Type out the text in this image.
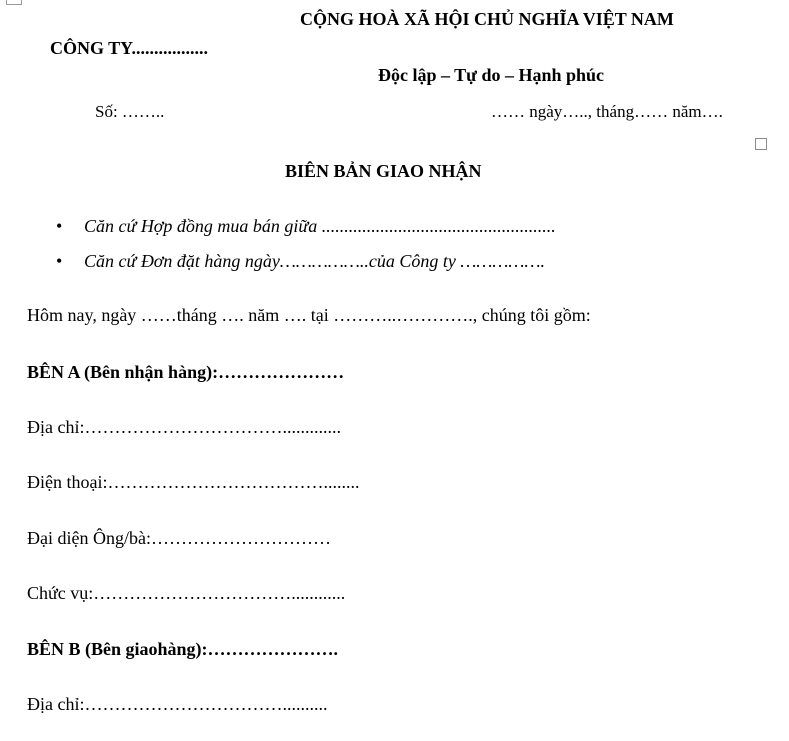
CỘNG HOÀ XÃ HỘI CHỦ NGHĨA VIỆT NAM
CÔNG TY.................
Độc lập – Tự do – Hạnh phúc
Số: ……..	…… ngày….., tháng…… năm….
BIÊN BẢN GIAO NHẬN
• Căn cứ Hợp đồng mua bán giữa ....................................................
• Căn cứ Đơn đặt hàng ngày……………..của Công ty …………….
Hôm nay, ngày ……tháng …. năm …. tại ………..…………., chúng tôi gồm:
BÊN A (Bên nhận hàng):…………………
Địa chỉ:…………………………….............
Điện thoại:………………………………........
Đại diện Ông/bà:…………………………
Chức vụ:……………………………............
BÊN B (Bên giaohàng):………………….
Địa chỉ:……………………………..........
